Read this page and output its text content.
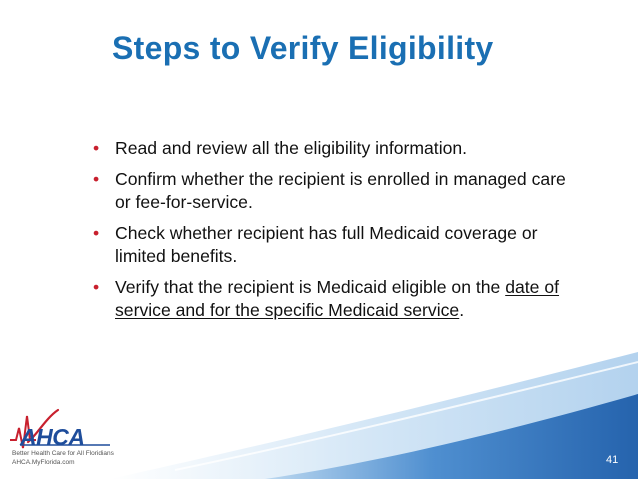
Steps to Verify Eligibility
• Read and review all the eligibility information.
• Confirm whether the recipient is enrolled in managed care or fee-for-service.
• Check whether recipient has full Medicaid coverage or limited benefits.
• Verify that the recipient is Medicaid eligible on the date of service and for the specific Medicaid service.
AHCA
Better Health Care for All Floridians
AHCA.MyFlorida.com	41
